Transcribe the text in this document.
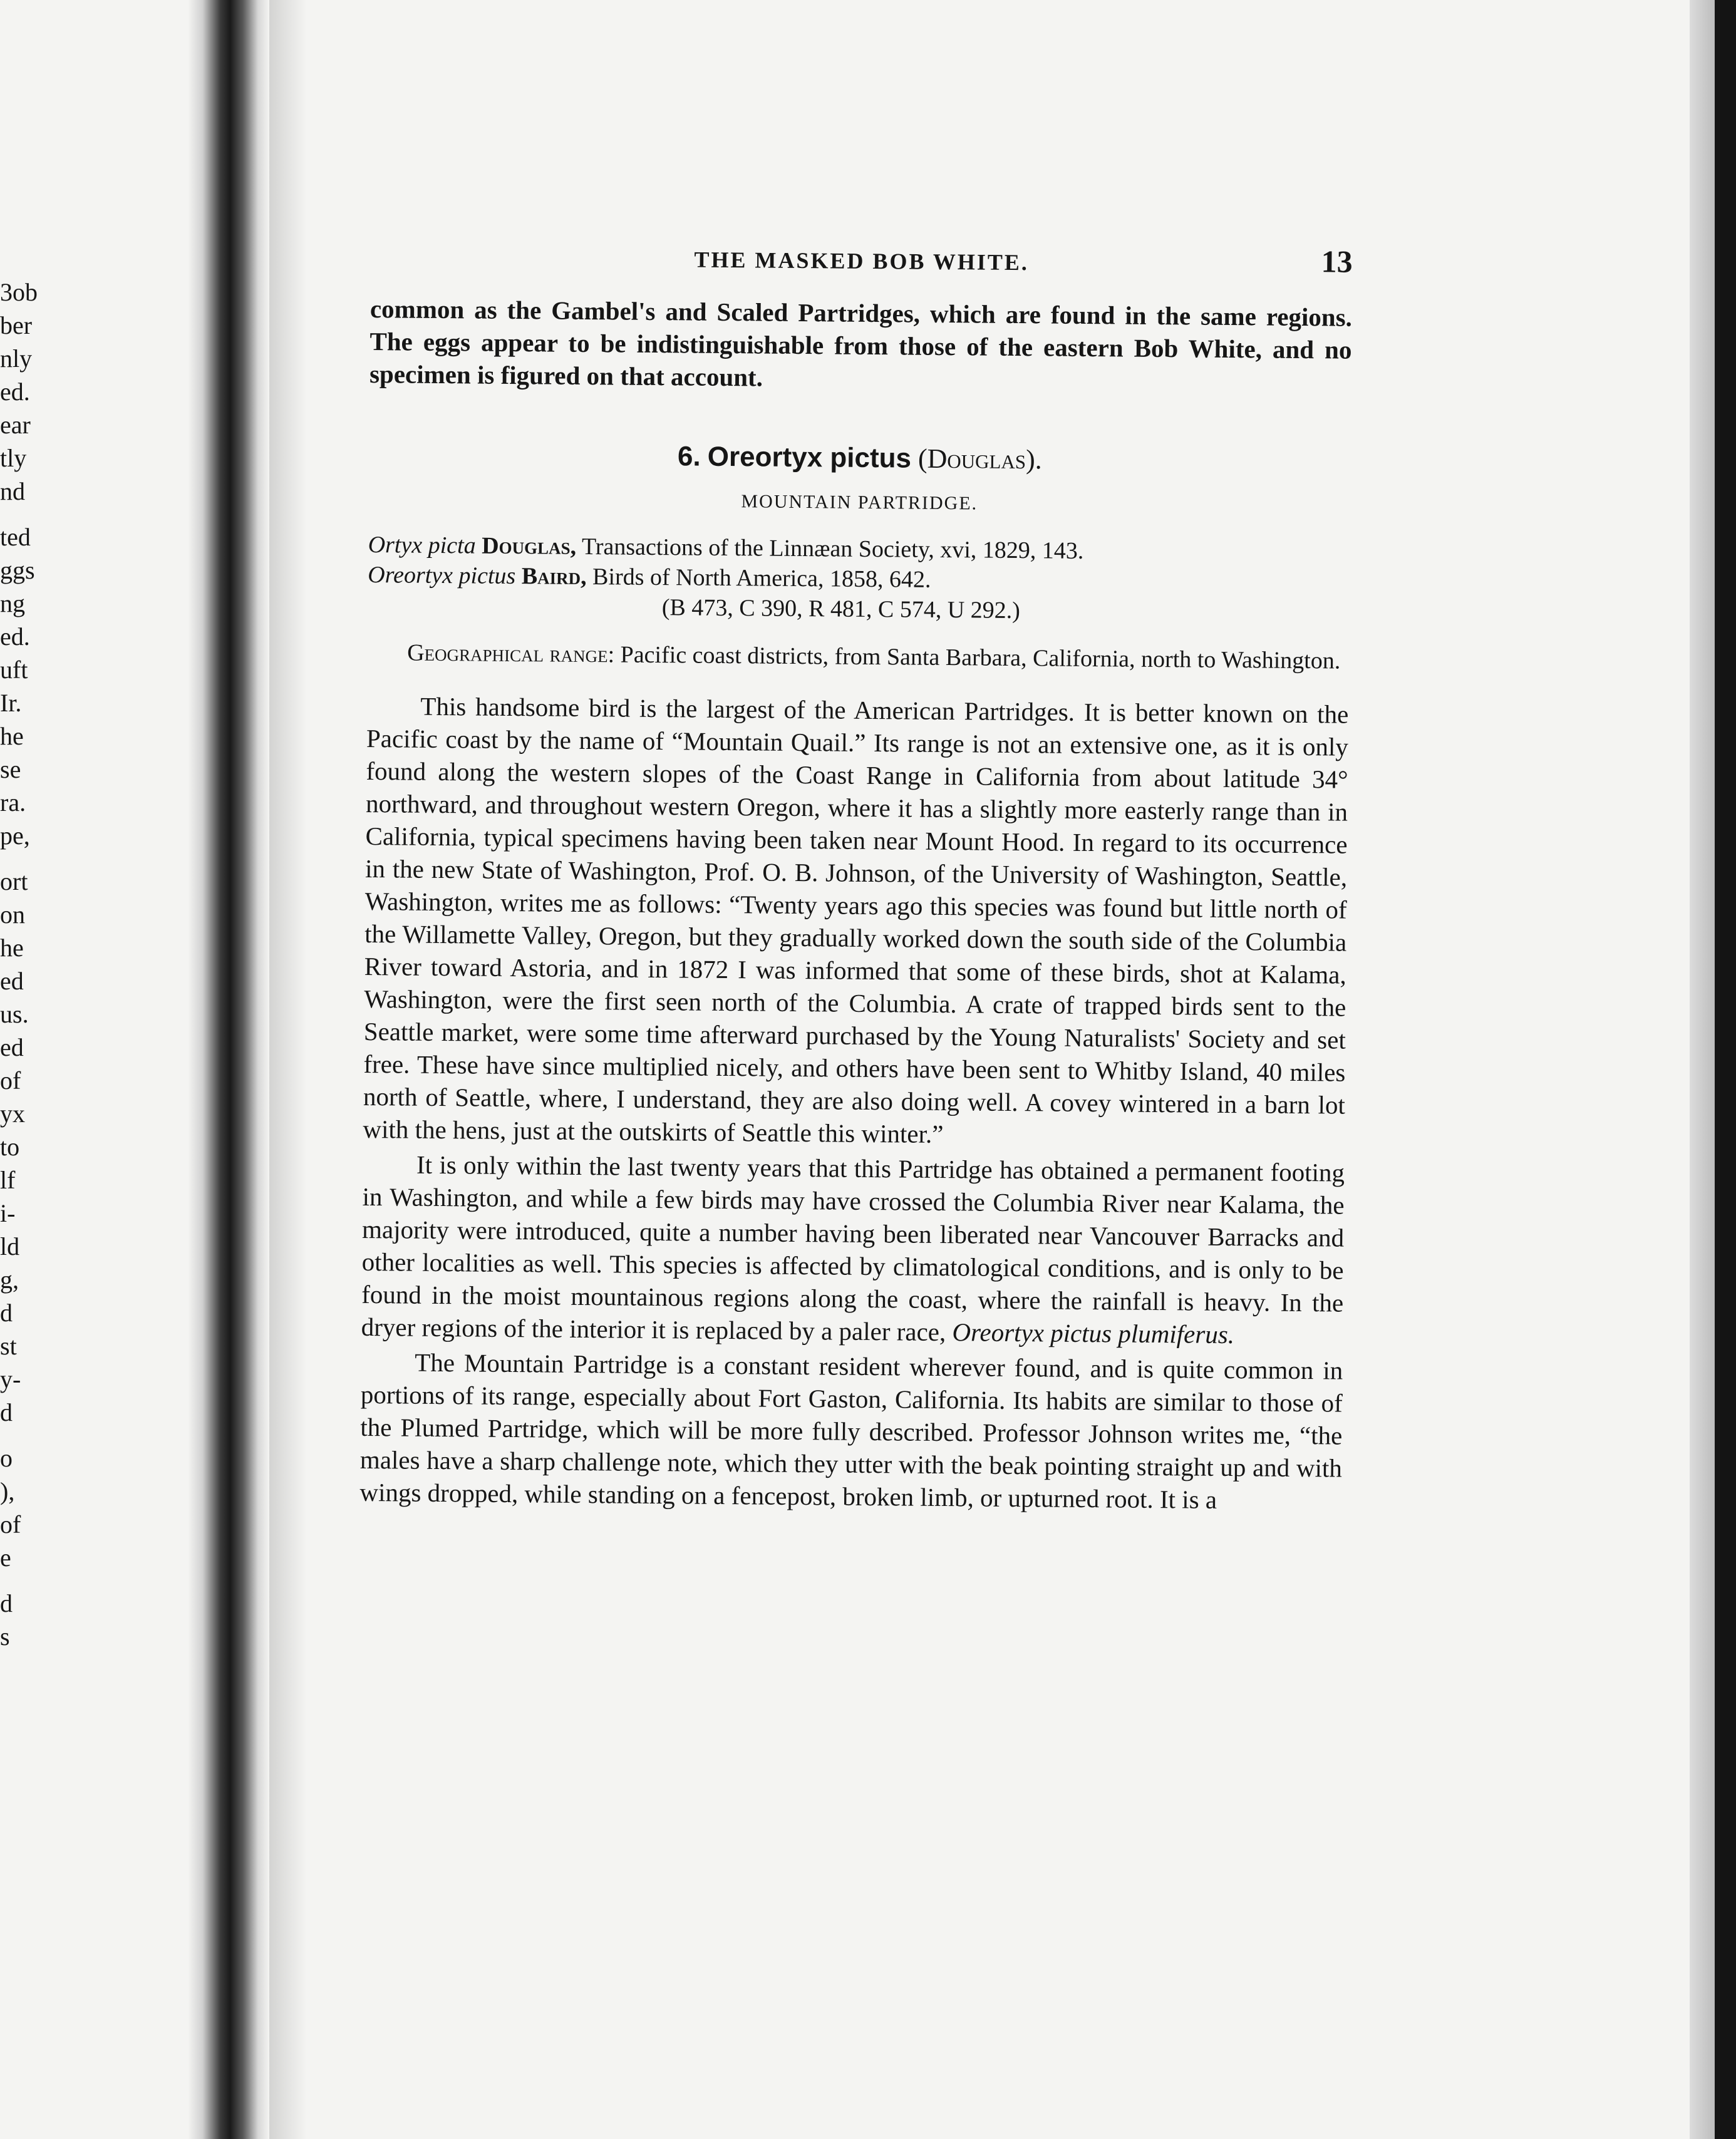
3ob
ber
nly
ed.
ear
tly
nd
ted
ggs
ng
ed.
uft
Ir.
he
se
ra.
pe,
ort
on
he
ed
us.
ed
of
yx
to
lf
i-
ld
g,
d
st
y-
d
o
),
of
e
d
s
THE MASKED BOB WHITE.	13

common as the Gambel's and Scaled Partridges, which are found in the same regions. The eggs appear to be indistinguishable from those of the eastern Bob White, and no specimen is figured on that account.

6. Oreortyx pictus (Douglas).
MOUNTAIN PARTRIDGE.
Ortyx picta Douglas, Transactions of the Linnæan Society, xvi, 1829, 143.
Oreortyx pictus Baird, Birds of North America, 1858, 642.
(B 473, C 390, R 481, C 574, U 292.)
Geographical range: Pacific coast districts, from Santa Barbara, California, north to Washington.

This handsome bird is the largest of the American Partridges. It is better known on the Pacific coast by the name of “Mountain Quail.” Its range is not an extensive one, as it is only found along the western slopes of the Coast Range in California from about latitude 34° northward, and throughout western Oregon, where it has a slightly more easterly range than in California, typical specimens having been taken near Mount Hood. In regard to its occurrence in the new State of Washington, Prof. O. B. Johnson, of the University of Washington, Seattle, Washington, writes me as follows: “Twenty years ago this species was found but little north of the Willamette Valley, Oregon, but they gradually worked down the south side of the Columbia River toward Astoria, and in 1872 I was informed that some of these birds, shot at Kalama, Washington, were the first seen north of the Columbia. A crate of trapped birds sent to the Seattle market, were some time afterward purchased by the Young Naturalists' Society and set free. These have since multiplied nicely, and others have been sent to Whitby Island, 40 miles north of Seattle, where, I understand, they are also doing well. A covey wintered in a barn lot with the hens, just at the outskirts of Seattle this winter.”

It is only within the last twenty years that this Partridge has obtained a permanent footing in Washington, and while a few birds may have crossed the Columbia River near Kalama, the majority were introduced, quite a number having been liberated near Vancouver Barracks and other localities as well. This species is affected by climatological conditions, and is only to be found in the moist mountainous regions along the coast, where the rainfall is heavy. In the dryer regions of the interior it is replaced by a paler race, Oreortyx pictus plumiferus.

The Mountain Partridge is a constant resident wherever found, and is quite common in portions of its range, especially about Fort Gaston, California. Its habits are similar to those of the Plumed Partridge, which will be more fully described. Professor Johnson writes me, “the males have a sharp challenge note, which they utter with the beak pointing straight up and with wings dropped, while standing on a fencepost, broken limb, or upturned root. It is a
